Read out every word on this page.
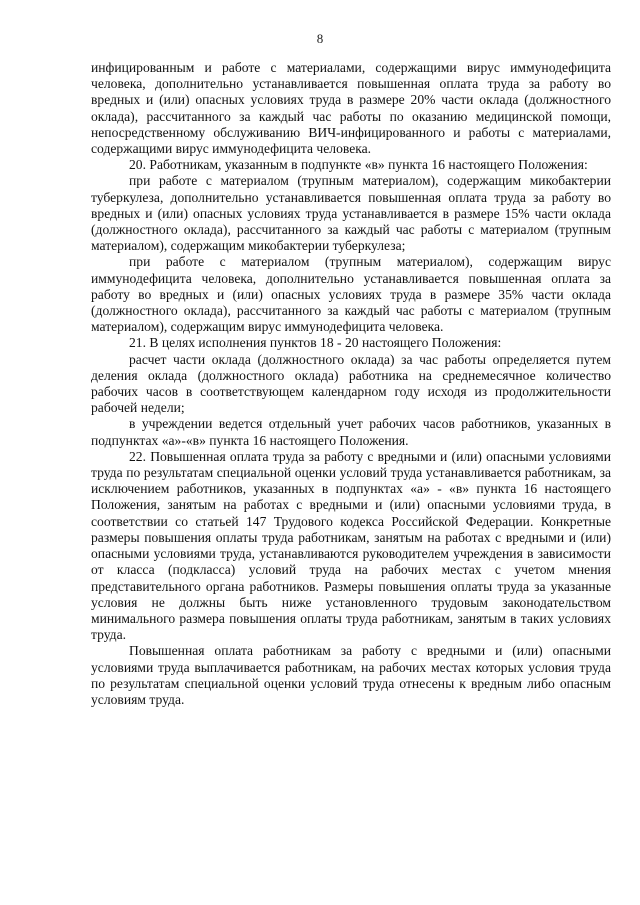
8

инфицированным и работе с материалами, содержащими вирус иммунодефицита человека, дополнительно устанавливается повышенная оплата труда за работу во вредных и (или) опасных условиях труда в размере 20% части оклада (должностного оклада), рассчитанного за каждый час работы по оказанию медицинской помощи, непосредственному обслуживанию ВИЧ-инфицированного и работы с материалами, содержащими вирус иммунодефицита человека.

20. Работникам, указанным в подпункте «в» пункта 16 настоящего Положения:

при работе с материалом (трупным материалом), содержащим микобактерии туберкулеза, дополнительно устанавливается повышенная оплата труда за работу во вредных и (или) опасных условиях труда устанавливается в размере 15% части оклада (должностного оклада), рассчитанного за каждый час работы с материалом (трупным материалом), содержащим микобактерии туберкулеза;

при работе с материалом (трупным материалом), содержащим вирус иммунодефицита человека, дополнительно устанавливается повышенная оплата за работу во вредных и (или) опасных условиях труда в размере 35% части оклада (должностного оклада), рассчитанного за каждый час работы с материалом (трупным материалом), содержащим вирус иммунодефицита человека.

21. В целях исполнения пунктов 18 - 20 настоящего Положения:

расчет части оклада (должностного оклада) за час работы определяется путем деления оклада (должностного оклада) работника на среднемесячное количество рабочих часов в соответствующем календарном году исходя из продолжительности рабочей недели;

в учреждении ведется отдельный учет рабочих часов работников, указанных в подпунктах «а»-«в» пункта 16 настоящего Положения.

22. Повышенная оплата труда за работу с вредными и (или) опасными условиями труда по результатам специальной оценки условий труда устанавливается работникам, за исключением работников, указанных в подпунктах «а» - «в» пункта 16 настоящего Положения, занятым на работах с вредными и (или) опасными условиями труда, в соответствии со статьей 147 Трудового кодекса Российской Федерации. Конкретные размеры повышения оплаты труда работникам, занятым на работах с вредными и (или) опасными условиями труда, устанавливаются руководителем учреждения в зависимости от класса (подкласса) условий труда на рабочих местах с учетом мнения представительного органа работников. Размеры повышения оплаты труда за указанные условия не должны быть ниже установленного трудовым законодательством минимального размера повышения оплаты труда работникам, занятым в таких условиях труда.

Повышенная оплата работникам за работу с вредными и (или) опасными условиями труда выплачивается работникам, на рабочих местах которых условия труда по результатам специальной оценки условий труда отнесены к вредным либо опасным условиям труда.
